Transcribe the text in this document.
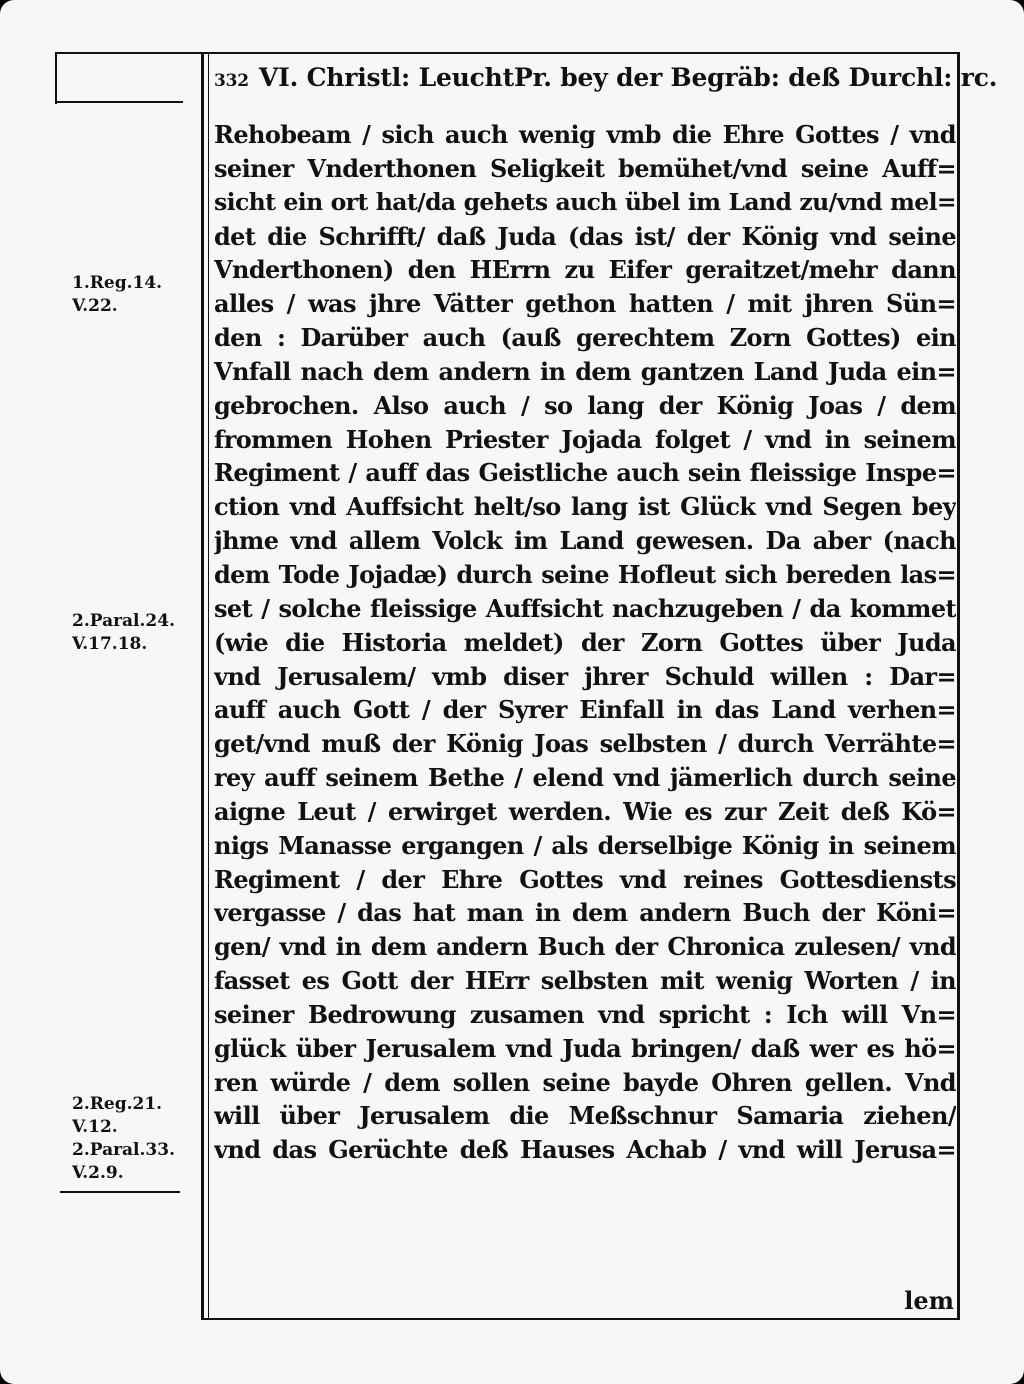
332 VI. Christl: LeuchtPr. bey der Begräb: deß Durchl: rc.
1.Reg.14.
V.22.
2.Paral.24.
V.17.18.
2.Reg.21.
V.12.
2.Paral.33.
V.2.9.
Rehobeam / sich auch wenig vmb die Ehre Gottes / vnd
seiner Vnderthonen Seligkeit bemühet/vnd seine Auff=
sicht ein ort hat/da gehets auch übel im Land zu/vnd mel=
det die Schrifft/ daß Juda (das ist/ der König vnd seine
Vnderthonen) den HErrn zu Eifer geraitzet/mehr dann
alles / was jhre Vätter gethon hatten / mit jhren Sün=
den : Darüber auch (auß gerechtem Zorn Gottes) ein
Vnfall nach dem andern in dem gantzen Land Juda ein=
gebrochen. Also auch / so lang der König Joas / dem
frommen Hohen Priester Jojada folget / vnd in seinem
Regiment / auff das Geistliche auch sein fleissige Inspe=
ction vnd Auffsicht helt/so lang ist Glück vnd Segen bey
jhme vnd allem Volck im Land gewesen. Da aber (nach
dem Tode Jojadæ) durch seine Hofleut sich bereden las=
set / solche fleissige Auffsicht nachzugeben / da kommet
(wie die Historia meldet) der Zorn Gottes über Juda
vnd Jerusalem/ vmb diser jhrer Schuld willen : Dar=
auff auch Gott / der Syrer Einfall in das Land verhen=
get/vnd muß der König Joas selbsten / durch Verrähte=
rey auff seinem Bethe / elend vnd jämerlich durch seine
aigne Leut / erwirget werden. Wie es zur Zeit deß Kö=
nigs Manasse ergangen / als derselbige König in seinem
Regiment / der Ehre Gottes vnd reines Gottesdiensts
vergasse / das hat man in dem andern Buch der Köni=
gen/ vnd in dem andern Buch der Chronica zulesen/ vnd
fasset es Gott der HErr selbsten mit wenig Worten / in
seiner Bedrowung zusamen vnd spricht : Ich will Vn=
glück über Jerusalem vnd Juda bringen/ daß wer es hö=
ren würde / dem sollen seine bayde Ohren gellen. Vnd
will über Jerusalem die Meßschnur Samaria ziehen/
vnd das Gerüchte deß Hauses Achab / vnd will Jerusa=
lem
